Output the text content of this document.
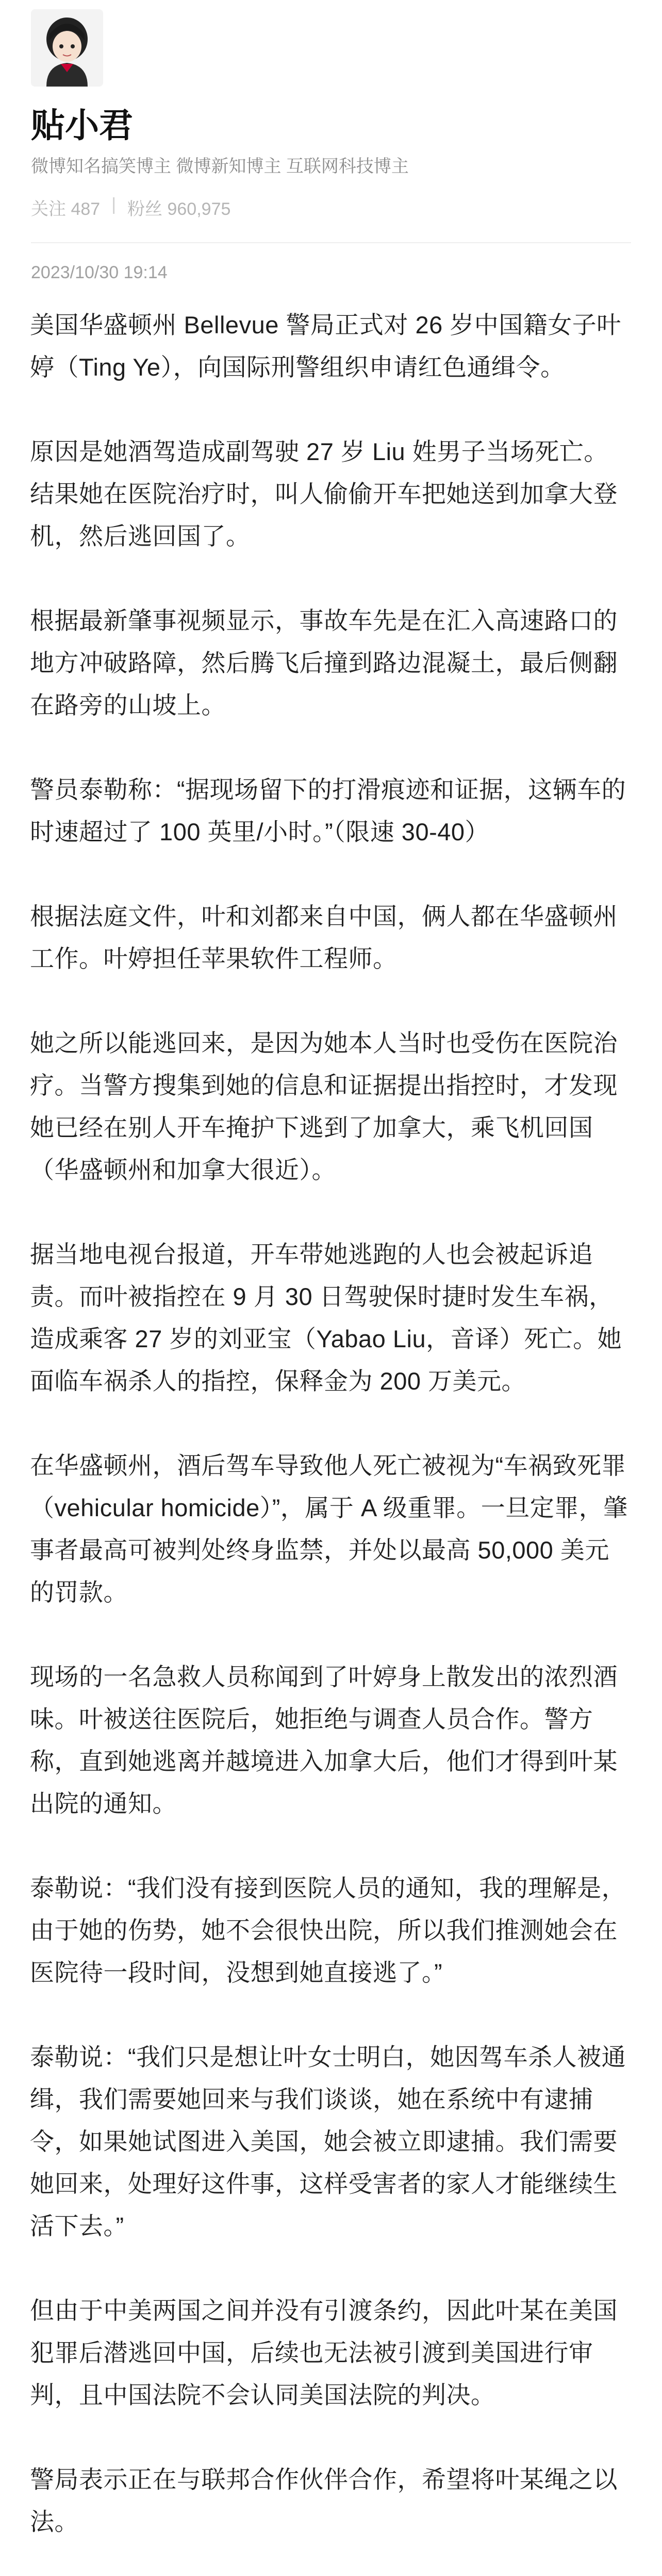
贴小君
微博知名搞笑博主 微博新知博主 互联网科技博主
关注 487 | 粉丝 960,975
2023/10/30 19:14

美国华盛顿州 Bellevue 警局正式对 26 岁中国籍女子叶婷（Ting Ye），向国际刑警组织申请红色通缉令。

原因是她酒驾造成副驾驶 27 岁 Liu 姓男子当场死亡。结果她在医院治疗时，叫人偷偷开车把她送到加拿大登机，然后逃回国了。

根据最新肇事视频显示，事故车先是在汇入高速路口的地方冲破路障，然后腾飞后撞到路边混凝土，最后侧翻在路旁的山坡上。

警员泰勒称：“据现场留下的打滑痕迹和证据，这辆车的时速超过了 100 英里/小时。”（限速 30-40）

根据法庭文件，叶和刘都来自中国，俩人都在华盛顿州工作。叶婷担任苹果软件工程师。

她之所以能逃回来，是因为她本人当时也受伤在医院治疗。当警方搜集到她的信息和证据提出指控时，才发现她已经在别人开车掩护下逃到了加拿大，乘飞机回国（华盛顿州和加拿大很近）。

据当地电视台报道，开车带她逃跑的人也会被起诉追责。而叶被指控在 9 月 30 日驾驶保时捷时发生车祸，造成乘客 27 岁的刘亚宝（Yabao Liu，音译）死亡。她面临车祸杀人的指控，保释金为 200 万美元。

在华盛顿州，酒后驾车导致他人死亡被视为“车祸致死罪（vehicular homicide）”，属于 A 级重罪。一旦定罪，肇事者最高可被判处终身监禁，并处以最高 50,000 美元的罚款。

现场的一名急救人员称闻到了叶婷身上散发出的浓烈酒味。叶被送往医院后，她拒绝与调查人员合作。警方称，直到她逃离并越境进入加拿大后，他们才得到叶某出院的通知。

泰勒说：“我们没有接到医院人员的通知，我的理解是，由于她的伤势，她不会很快出院，所以我们推测她会在医院待一段时间，没想到她直接逃了。”

泰勒说：“我们只是想让叶女士明白，她因驾车杀人被通缉，我们需要她回来与我们谈谈，她在系统中有逮捕令，如果她试图进入美国，她会被立即逮捕。我们需要她回来，处理好这件事，这样受害者的家人才能继续生活下去。”

但由于中美两国之间并没有引渡条约，因此叶某在美国犯罪后潜逃回中国，后续也无法被引渡到美国进行审判，且中国法院不会认同美国法院的判决。

警局表示正在与联邦合作伙伴合作，希望将叶某绳之以法。
